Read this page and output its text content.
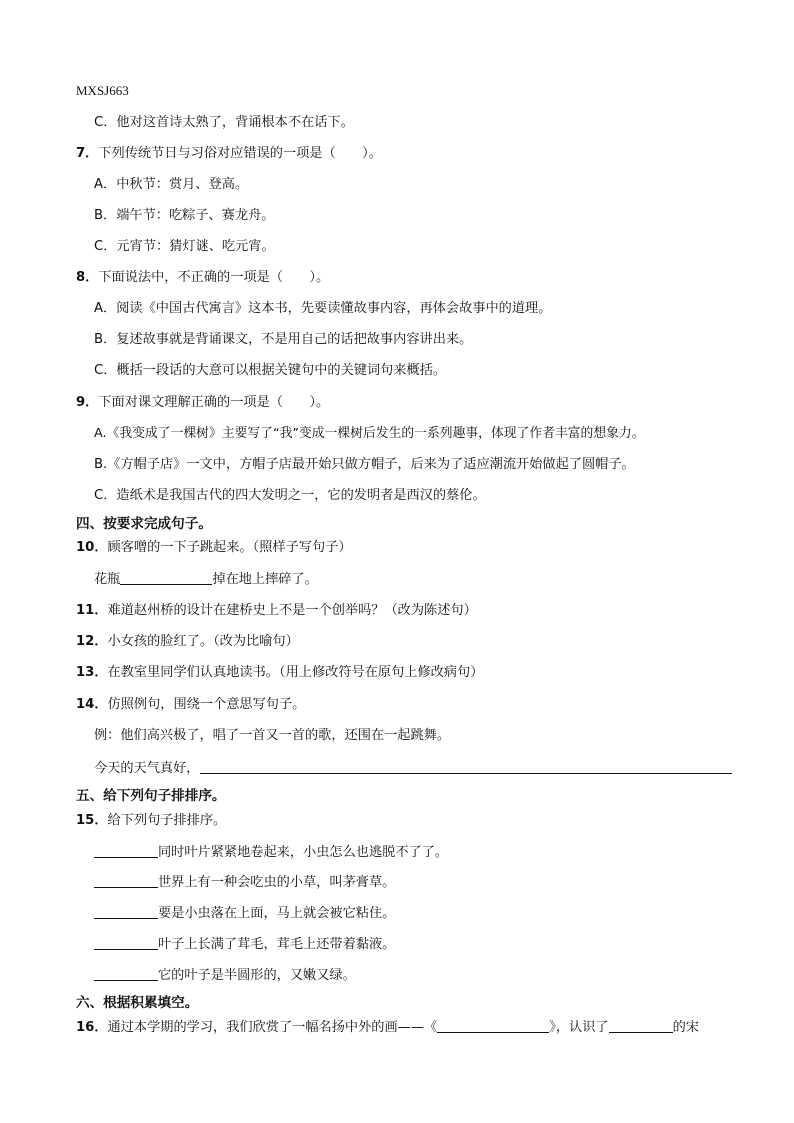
MXSJ663
C．他对这首诗太熟了，背诵根本不在话下。
7．下列传统节日与习俗对应错误的一项是（　　）。
A．中秋节：赏月、登高。
B．端午节：吃粽子、赛龙舟。
C．元宵节：猜灯谜、吃元宵。
8．下面说法中，不正确的一项是（　　）。
A．阅读《中国古代寓言》这本书，先要读懂故事内容，再体会故事中的道理。
B．复述故事就是背诵课文，不是用自己的话把故事内容讲出来。
C．概括一段话的大意可以根据关键句中的关键词句来概括。
9．下面对课文理解正确的一项是（　　）。
A.《我变成了一棵树》主要写了“我”变成一棵树后发生的一系列趣事，体现了作者丰富的想象力。
B.《方帽子店》一文中，方帽子店最开始只做方帽子，后来为了适应潮流开始做起了圆帽子。
C．造纸术是我国古代的四大发明之一，它的发明者是西汉的蔡伦。
四、按要求完成句子。
10．顾客噌的一下子跳起来。（照样子写句子）
花瓶	掉在地上摔碎了。
11．难道赵州桥的设计在建桥史上不是一个创举吗？（改为陈述句）
12．小女孩的脸红了。（改为比喻句）
13．在教室里同学们认真地读书。（用上修改符号在原句上修改病句）
14．仿照例句，围绕一个意思写句子。
例：他们高兴极了，唱了一首又一首的歌，还围在一起跳舞。
今天的天气真好，
五、给下列句子排排序。
15．给下列句子排排序。
同时叶片紧紧地卷起来，小虫怎么也逃脱不了了。
世界上有一种会吃虫的小草，叫茅膏草。
要是小虫落在上面，马上就会被它粘住。
叶子上长满了茸毛，茸毛上还带着黏液。
它的叶子是半圆形的，又嫩又绿。
六、根据积累填空。
16．通过本学期的学习，我们欣赏了一幅名扬中外的画——《	》，认识了	的宋
